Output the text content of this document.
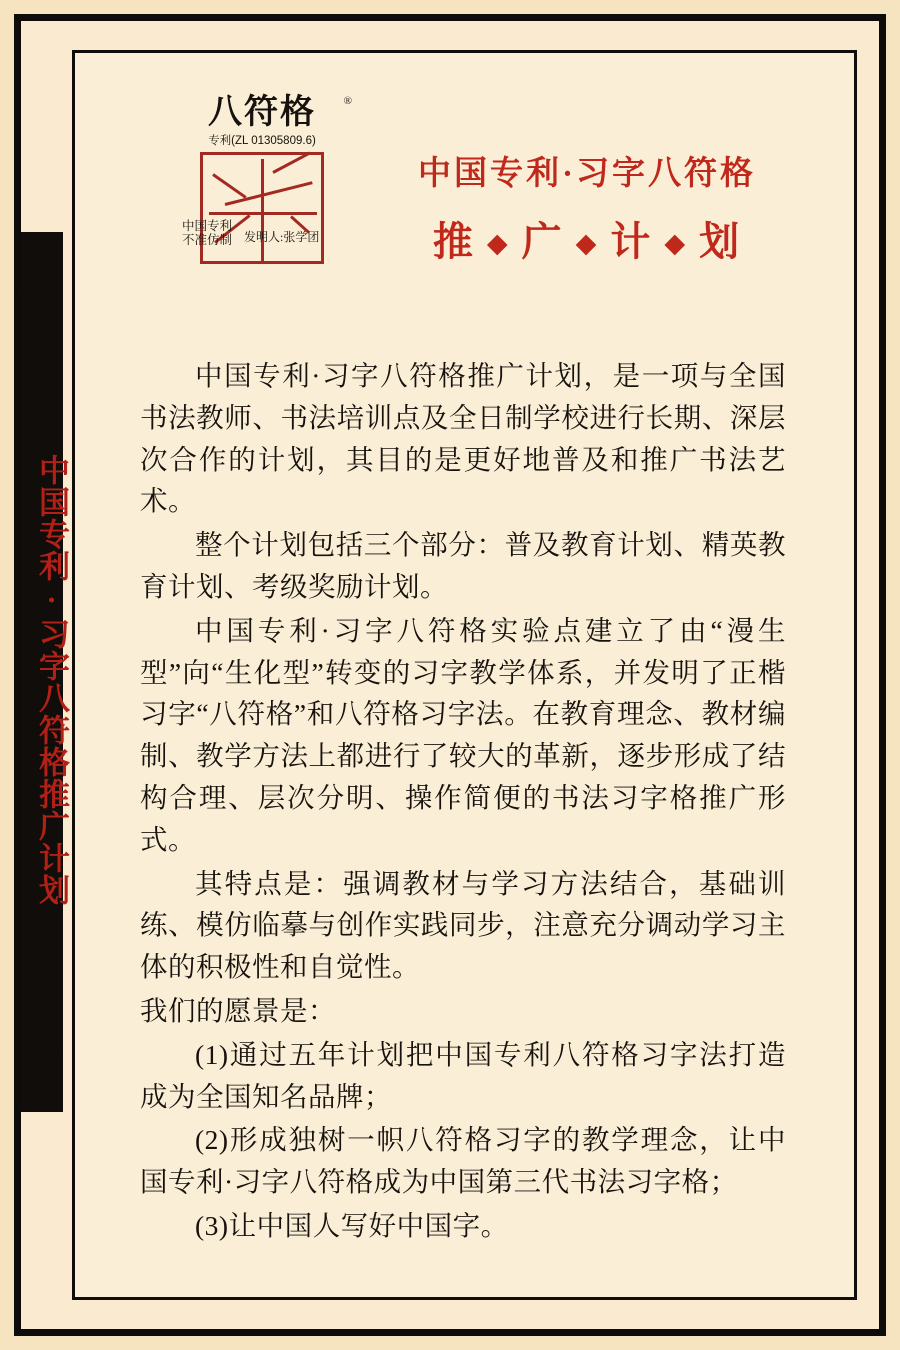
中国专利·习字八符格推广计划
八符格	®
专利(ZL 01305809.6)
中国专利
不准仿制	发明人:张学团
中国专利·习字八符格
推 ◆ 广 ◆ 计 ◆ 划

中国专利·习字八符格推广计划，是一项与全国书法教师、书法培训点及全日制学校进行长期、深层次合作的计划，其目的是更好地普及和推广书法艺术。

整个计划包括三个部分：普及教育计划、精英教育计划、考级奖励计划。

中国专利·习字八符格实验点建立了由“漫生型”向“生化型”转变的习字教学体系，并发明了正楷习字“八符格”和八符格习字法。在教育理念、教材编制、教学方法上都进行了较大的革新，逐步形成了结构合理、层次分明、操作简便的书法习字格推广形式。

其特点是：强调教材与学习方法结合，基础训练、模仿临摹与创作实践同步，注意充分调动学习主体的积极性和自觉性。

我们的愿景是：

(1)通过五年计划把中国专利八符格习字法打造成为全国知名品牌；

(2)形成独树一帜八符格习字的教学理念，让中国专利·习字八符格成为中国第三代书法习字格；

(3)让中国人写好中国字。
